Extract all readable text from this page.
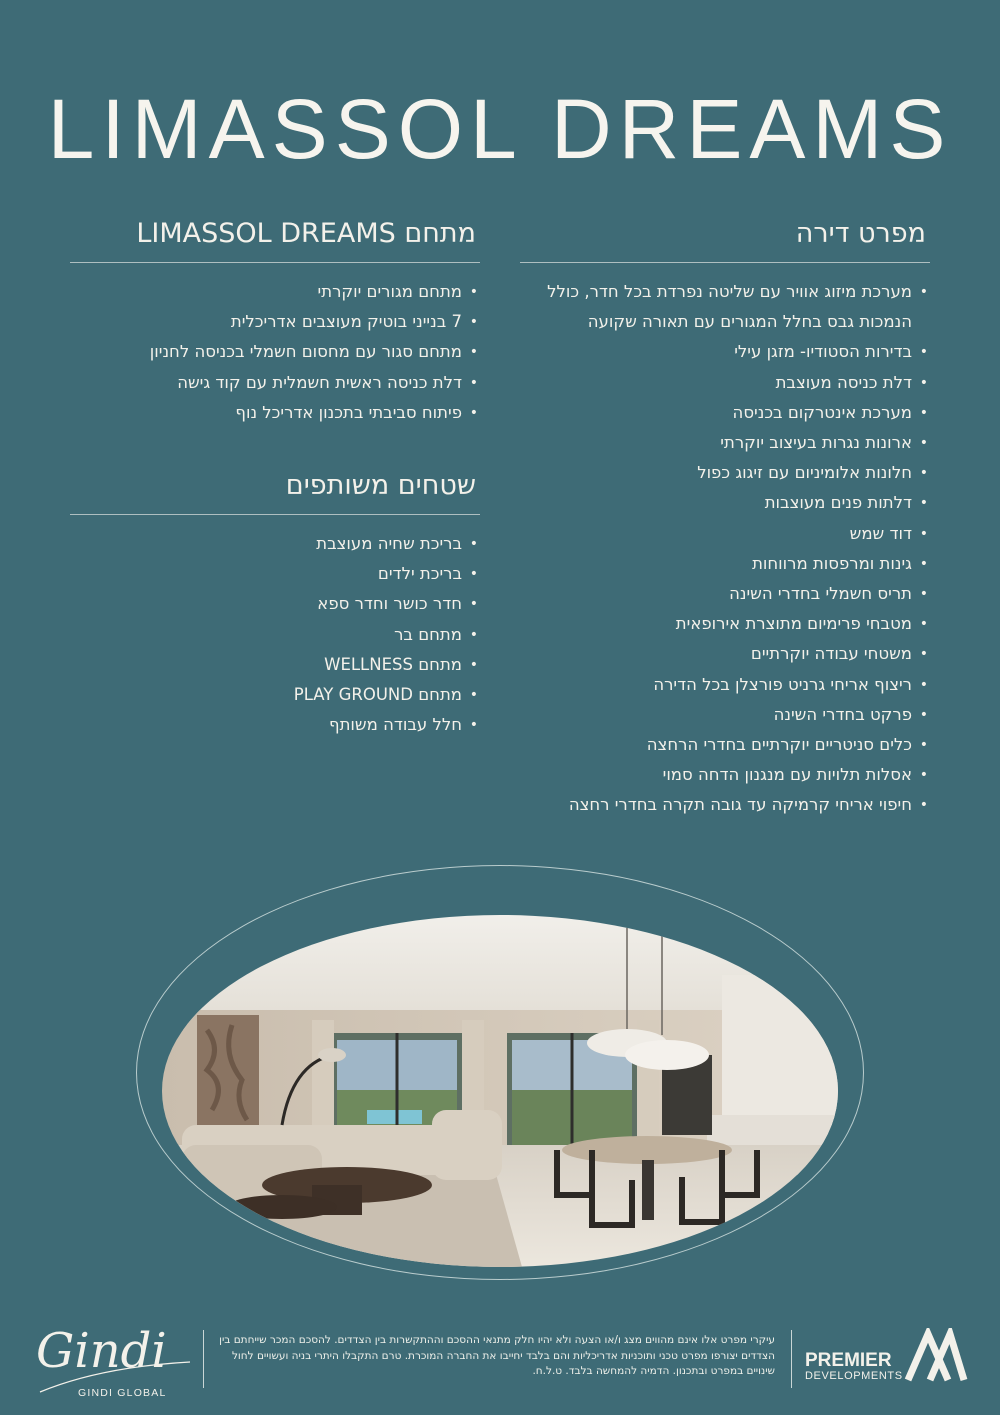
LIMASSOL DREAMS
מפרט דירה
• מערכת מיזוג אוויר עם שליטה נפרדת בכל חדר, כולל הנמכות גבס בחלל המגורים עם תאורה שקועה
• בדירות הסטודיו- מזגן עילי
• דלת כניסה מעוצבת
• מערכת אינטרקום בכניסה
• ארונות נגרות בעיצוב יוקרתי
• חלונות אלומיניום עם זיגוג כפול
• דלתות פנים מעוצבות
• דוד שמש
• גינות ומרפסות מרווחות
• תריס חשמלי בחדרי השינה
• מטבחי פרימיום מתוצרת אירופאית
• משטחי עבודה יוקרתיים
• ריצוף אריחי גרניט פורצלן בכל הדירה
• פרקט בחדרי השינה
• כלים סניטריים יוקרתיים בחדרי הרחצה
• אסלות תלויות עם מנגנון הדחה סמוי
• חיפוי אריחי קרמיקה עד גובה תקרה בחדרי רחצה
מתחם LIMASSOL DREAMS
• מתחם מגורים יוקרתי
• 7 בנייני בוטיק מעוצבים אדריכלית
• מתחם סגור עם מחסום חשמלי בכניסה לחניון
• דלת כניסה ראשית חשמלית עם קוד גישה
• פיתוח סביבתי בתכנון אדריכל נוף
שטחים משותפים
• בריכת שחיה מעוצבת
• בריכת ילדים
• חדר כושר וחדר ספא
• מתחם בר
• מתחם WELLNESS
• מתחם PLAY GROUND
• חלל עבודה משותף
Gindi
GINDI GLOBAL
עיקרי מפרט אלו אינם מהווים מצג ו/או הצעה ולא יהיו חלק מתנאי ההסכם וההתקשרות בין הצדדים. להסכם המכר שייחתם בין הצדדים יצורפו מפרט טכני ותוכניות אדריכליות והם בלבד יחייבו את החברה המוכרת. טרם התקבלו היתרי בניה ועשויים לחול שינויים במפרט ובתכנון. הדמיה להמחשה בלבד. ט.ל.ח. PREMIER
DEVELOPMENTS
